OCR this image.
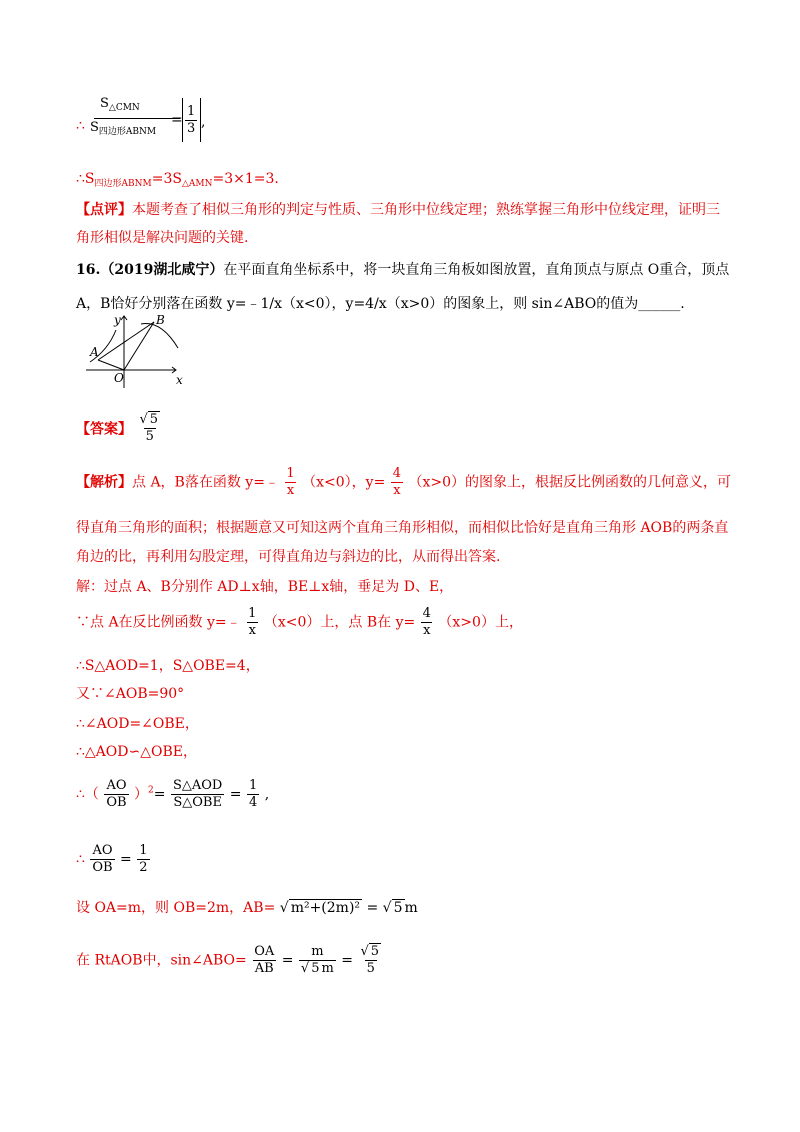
∴
$S_{\triangle CMN}$
$S_{四边形ABNM}$
= $\frac{1}{3}$ ,
$\therefore S_{四边形ABNM}=3S_{\triangle AMN}=3\times 1=3$.
【点评】本题考查了相似三角形的判定与性质、三角形中位线定理；熟练掌握三角形中位线定理，证明三
角形相似是解决问题的关键.
16.（2019湖北咸宁）在平面直角坐标系中，将一块直角三角板如图放置，直角顶点与原点 O重合，顶点
A，B恰好分别落在函数 y=﹣1/x（x<0），y=4/x（x>0）的图象上，则 sin∠ABO的值为______.
y
x
A
B
O
【答案】 $\frac{√ 5}{5}$
【解析】点 A，B落在函数 y=﹣ $\frac{1}{x} (x<0)$，$y= \frac{4}{x} (x>0)$的图象上，根据反比例函数的几何意义，可
得直角三角形的面积；根据题意又可知这两个直角三角形相似，而相似比恰好是直角三角形 AOB的两条直
角边的比，再利用勾股定理，可得直角边与斜边的比，从而得出答案.
解：过点 A、B分别作 AD⊥x轴，BE⊥x轴，垂足为 D、E，
∵点 A在反比例函数 y=﹣ $\frac{1}{x} (x<0)$上，点 B在 $y= \frac{4}{x} (x>0)$上，
∴S△AOD=1，S△OBE=4，
又∵∠AOB=90°
∴∠AOD=∠OBE，
∴△AOD∽△OBE，
∴（ $\frac{AO}{OB} )^2= \frac{\text{S△AOD}}{\text{S△OBE}} = \frac{1}{4}$ ,
∴ $\frac{AO}{OB} = \frac{1}{2}$
设 OA=m，则 OB=2m，AB= √ m²+(2m)² = √ 5 m
在 RtAOB中，sin∠ABO= $\frac{OA}{AB} = \frac{m}{√ 5 m} = \frac{√ 5}{5}$
